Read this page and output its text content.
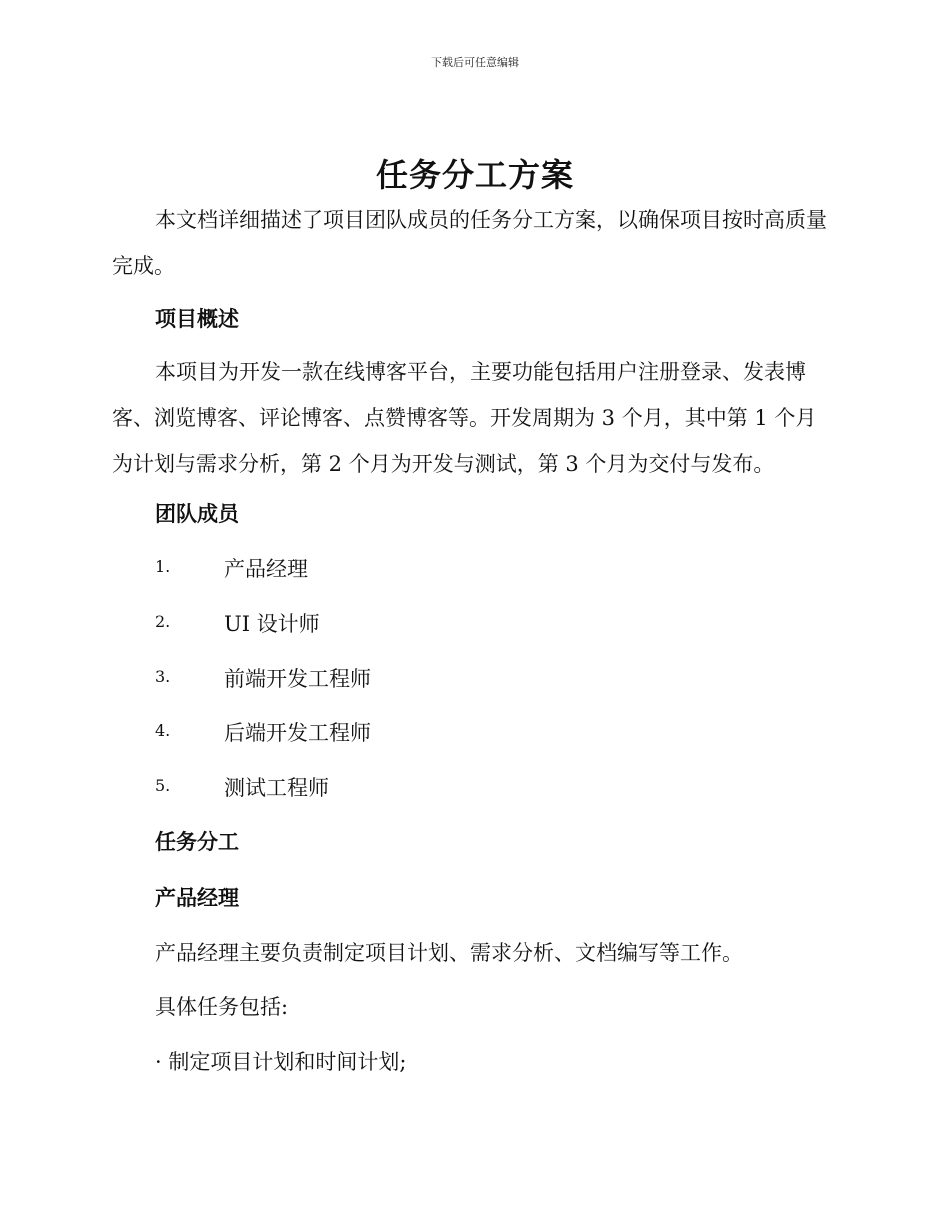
下载后可任意编辑
任务分工方案
本文档详细描述了项目团队成员的任务分工方案，以确保项目按时高质量完成。
项目概述
本项目为开发一款在线博客平台，主要功能包括用户注册登录、发表博客、浏览博客、评论博客、点赞博客等。开发周期为 3 个月，其中第 1 个月为计划与需求分析，第 2 个月为开发与测试，第 3 个月为交付与发布。
团队成员
1.	产品经理
2.	UI 设计师
3.	前端开发工程师
4.	后端开发工程师
5.	测试工程师
任务分工
产品经理
产品经理主要负责制定项目计划、需求分析、文档编写等工作。
具体任务包括:
· 制定项目计划和时间计划;
